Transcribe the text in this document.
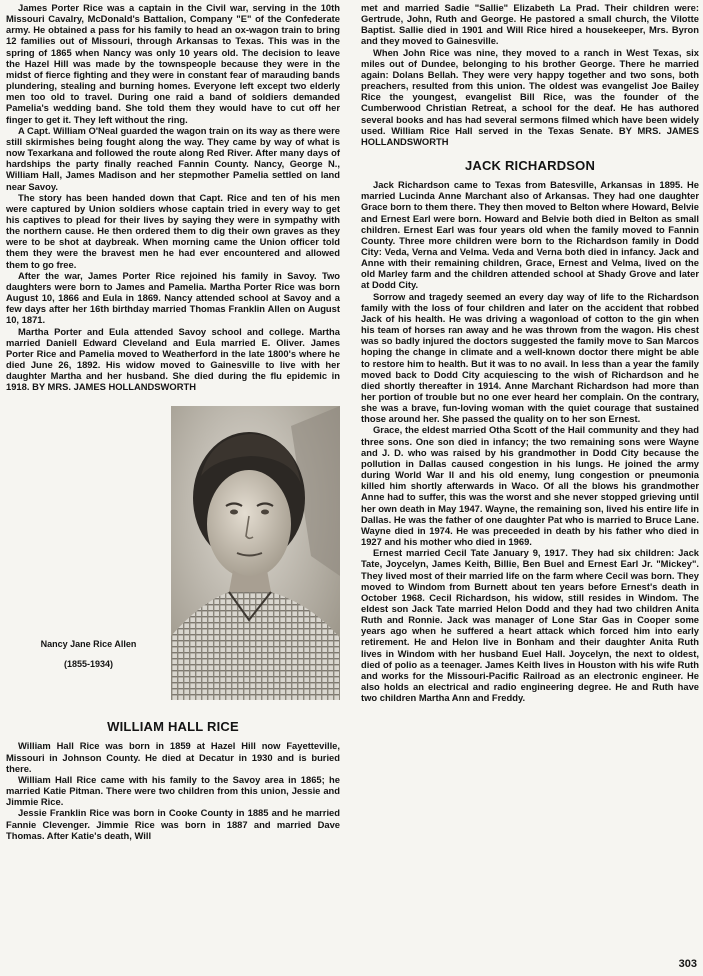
James Porter Rice was a captain in the Civil war, serving in the 10th Missouri Cavalry, McDonald's Battalion, Company "E" of the Confederate army. He obtained a pass for his family to head an ox-wagon train to bring 12 families out of Missouri, through Arkansas to Texas. This was in the spring of 1865 when Nancy was only 10 years old. The decision to leave the Hazel Hill was made by the townspeople because they were in the midst of fierce fighting and they were in constant fear of marauding bands plundering, stealing and burning homes. Everyone left except two elderly men too old to travel. During one raid a band of soldiers demanded Pamelia's wedding band. She told them they would have to cut off her finger to get it. They left without the ring.

A Capt. William O'Neal guarded the wagon train on its way as there were still skirmishes being fought along the way. They came by way of what is now Texarkana and followed the route along Red River. After many days of hardships the party finally reached Fannin County. Nancy, George N., William Hall, James Madison and her stepmother Pamelia settled on land near Savoy.

The story has been handed down that Capt. Rice and ten of his men were captured by Union soldiers whose captain tried in every way to get his captives to plead for their lives by saying they were in sympathy with the northern cause. He then ordered them to dig their own graves as they were to be shot at daybreak. When morning came the Union officer told them they were the bravest men he had ever encountered and allowed them to go free.

After the war, James Porter Rice rejoined his family in Savoy. Two daughters were born to James and Pamelia. Martha Porter Rice was born August 10, 1866 and Eula in 1869. Nancy attended school at Savoy and a few days after her 16th birthday married Thomas Franklin Allen on August 10, 1871.

Martha Porter and Eula attended Savoy school and college. Martha married Daniell Edward Cleveland and Eula married E. Oliver. James Porter Rice and Pamelia moved to Weatherford in the late 1800's where he died June 26, 1892. His widow moved to Gainesville to live with her daughter Martha and her husband. She died during the flu epidemic in 1918. BY MRS. JAMES HOLLANDSWORTH

Nancy Jane Rice Allen
(1855-1934)
WILLIAM HALL RICE

William Hall Rice was born in 1859 at Hazel Hill now Fayetteville, Missouri in Johnson County. He died at Decatur in 1930 and is buried there.

William Hall Rice came with his family to the Savoy area in 1865; he married Katie Pitman. There were two children from this union, Jessie and Jimmie Rice.

Jessie Franklin Rice was born in Cooke County in 1885 and he married Fannie Clevenger. Jimmie Rice was born in 1887 and married Dave Thomas. After Katie's death, Will

met and married Sadie "Sallie" Elizabeth La Prad. Their children were: Gertrude, John, Ruth and George. He pastored a small church, the Vilotte Baptist. Sallie died in 1901 and Will Rice hired a housekeeper, Mrs. Byron and they moved to Gainesville.

When John Rice was nine, they moved to a ranch in West Texas, six miles out of Dundee, belonging to his brother George. There he married again: Dolans Bellah. They were very happy together and two sons, both preachers, resulted from this union. The oldest was evangelist Joe Bailey Rice the youngest, evangelist Bill Rice, was the founder of the Cumberwood Christian Retreat, a school for the deaf. He has authored several books and has had several sermons filmed which have been widely used. William Rice Hall served in the Texas Senate. BY MRS. JAMES HOLLANDSWORTH

JACK RICHARDSON

Jack Richardson came to Texas from Batesville, Arkansas in 1895. He married Lucinda Anne Marchant also of Arkansas. They had one daughter Grace born to them there. They then moved to Belton where Howard, Belvie and Ernest Earl were born. Howard and Belvie both died in Belton as small children. Ernest Earl was four years old when the family moved to Fannin County. Three more children were born to the Richardson family in Dodd City: Veda, Verna and Velma. Veda and Verna both died in infancy. Jack and Anne with their remaining children, Grace, Ernest and Velma, lived on the old Marley farm and the children attended school at Shady Grove and later at Dodd City.

Sorrow and tragedy seemed an every day way of life to the Richardson family with the loss of four children and later on the accident that robbed Jack of his health. He was driving a wagonload of cotton to the gin when his team of horses ran away and he was thrown from the wagon. His chest was so badly injured the doctors suggested the family move to San Marcos hoping the change in climate and a well-known doctor there might be able to restore him to health. But it was to no avail. In less than a year the family moved back to Dodd City acquiescing to the wish of Richardson and he died shortly thereafter in 1914. Anne Marchant Richardson had more than her portion of trouble but no one ever heard her complain. On the contrary, she was a brave, fun-loving woman with the quiet courage that sustained those around her. She passed the quality on to her son Ernest.

Grace, the eldest married Otha Scott of the Hail community and they had three sons. One son died in infancy; the two remaining sons were Wayne and J. D. who was raised by his grandmother in Dodd City because the pollution in Dallas caused congestion in his lungs. He joined the army during World War II and his old enemy, lung congestion or pneumonia killed him shortly afterwards in Waco. Of all the blows his grandmother Anne had to suffer, this was the worst and she never stopped grieving until her own death in May 1947. Wayne, the remaining son, lived his entire life in Dallas. He was the father of one daughter Pat who is married to Bruce Lane. Wayne died in 1974. He was preceeded in death by his father who died in 1927 and his mother who died in 1969.

Ernest married Cecil Tate January 9, 1917. They had six children: Jack Tate, Joycelyn, James Keith, Billie, Ben Buel and Ernest Earl Jr. "Mickey". They lived most of their married life on the farm where Cecil was born. They moved to Windom from Burnett about ten years before Ernest's death in October 1968. Cecil Richardson, his widow, still resides in Windom. The eldest son Jack Tate married Helon Dodd and they had two children Anita Ruth and Ronnie. Jack was manager of Lone Star Gas in Cooper some years ago when he suffered a heart attack which forced him into early retirement. He and Helon live in Bonham and their daughter Anita Ruth lives in Windom with her husband Euel Hall. Joycelyn, the next to oldest, died of polio as a teenager. James Keith lives in Houston with his wife Ruth and works for the Missouri-Pacific Railroad as an electronic engineer. He also holds an electrical and radio engineering degree. He and Ruth have two children Martha Ann and Freddy.

303
